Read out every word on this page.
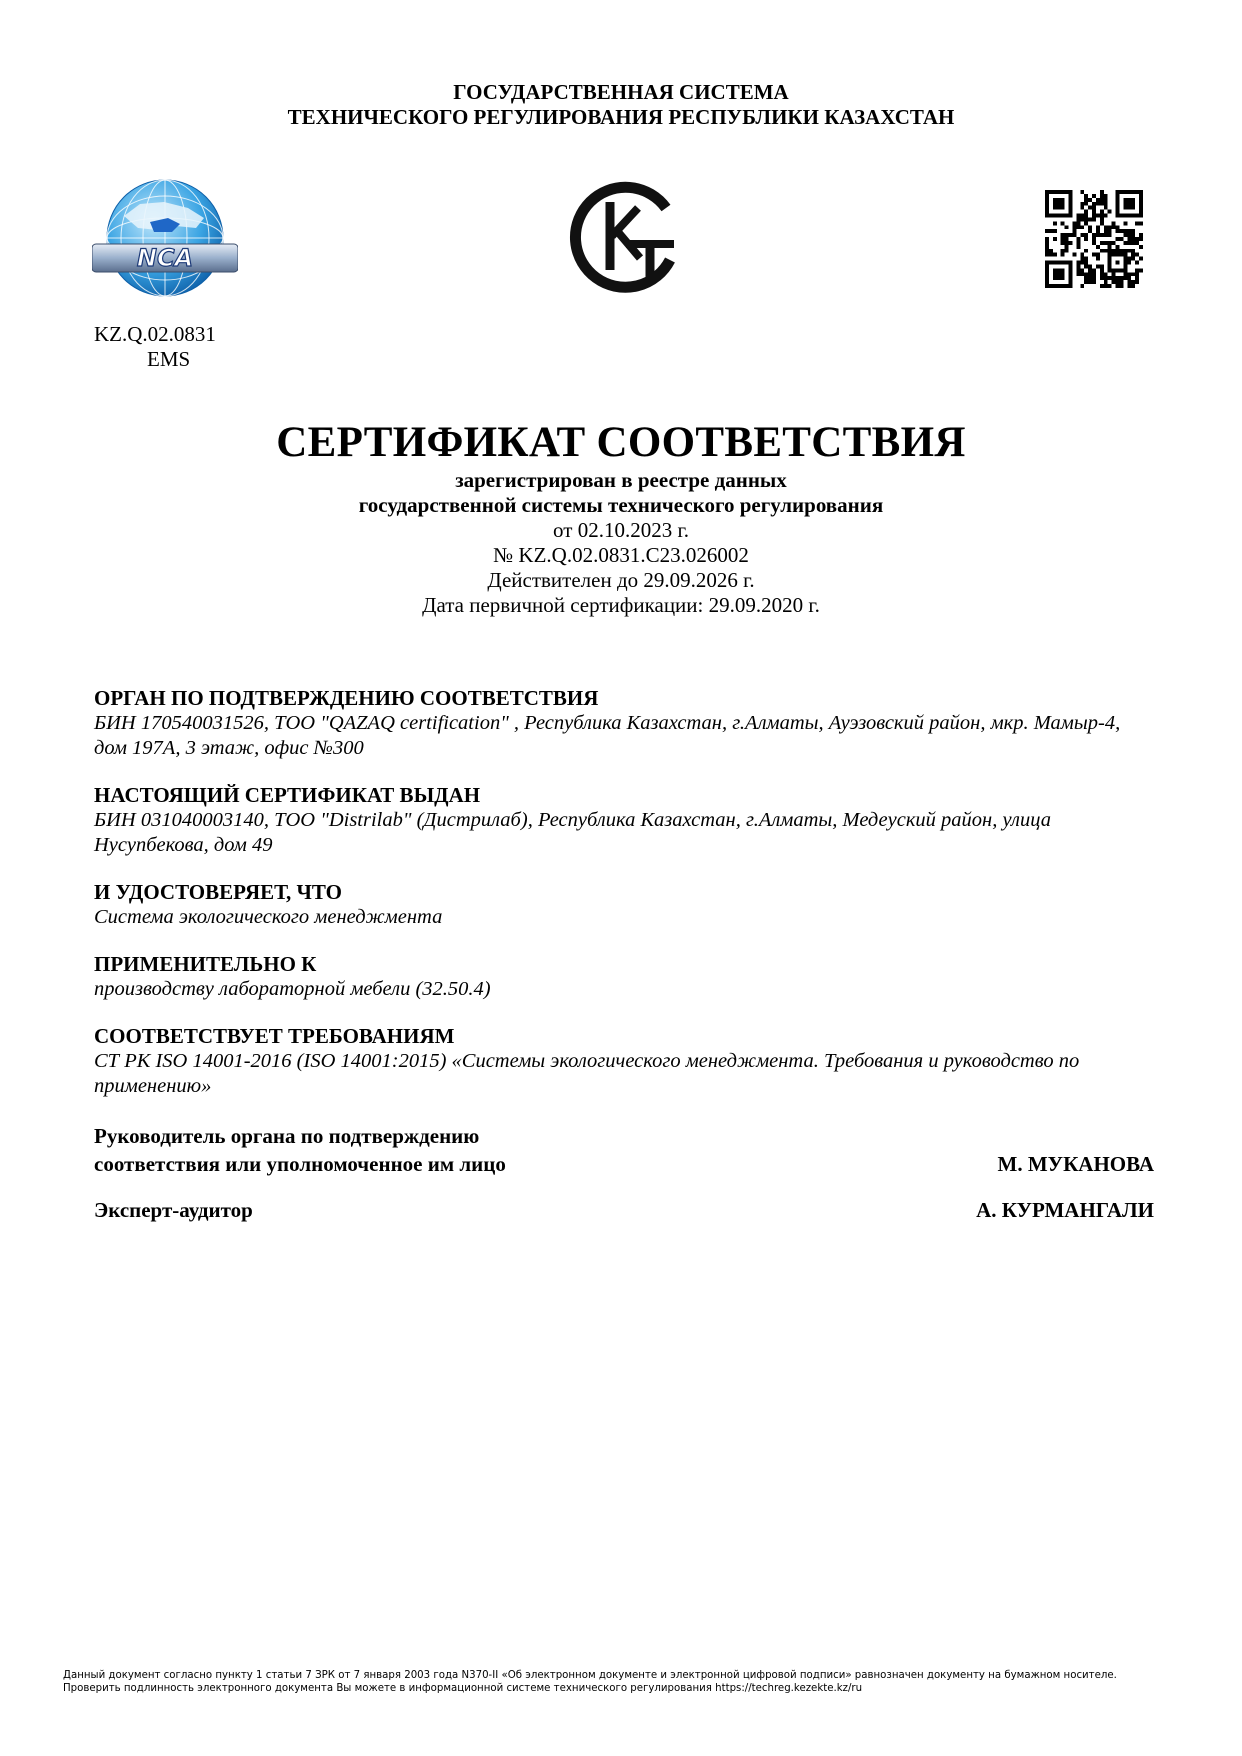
ГОСУДАРСТВЕННАЯ СИСТЕМА
ТЕХНИЧЕСКОГО РЕГУЛИРОВАНИЯ РЕСПУБЛИКИ КАЗАХСТАН
NCA
KZ.Q.02.0831
EMS
СЕРТИФИКАТ СООТВЕТСТВИЯ
зарегистрирован в реестре данных
государственной системы технического регулирования
от 02.10.2023 г.
№ KZ.Q.02.0831.C23.026002
Действителен до 29.09.2026 г.
Дата первичной сертификации: 29.09.2020 г.
ОРГАН ПО ПОДТВЕРЖДЕНИЮ СООТВЕТСТВИЯ
БИН 170540031526, ТОО "QAZAQ certification" , Республика Казахстан, г.Алматы, Ауэзовский район, мкр. Мамыр-4, дом 197А, 3 этаж, офис №300
НАСТОЯЩИЙ СЕРТИФИКАТ ВЫДАН
БИН 031040003140, ТОО "Distrilab" (Дистрилаб), Республика Казахстан, г.Алматы, Медеуский район, улица Нусупбекова, дом 49
И УДОСТОВЕРЯЕТ, ЧТО
Система экологического менеджмента
ПРИМЕНИТЕЛЬНО К
производству лабораторной мебели (32.50.4)
СООТВЕТСТВУЕТ ТРЕБОВАНИЯМ
СТ РК ISO 14001-2016 (ISO 14001:2015) «Системы экологического менеджмента. Требования и руководство по применению»
Руководитель органа по подтверждению
соответствия или уполномоченное им лицо	М. МУКАНОВА
Эксперт-аудитор	А. КУРМАНГАЛИ
Данный документ согласно пункту 1 статьи 7 ЗРК от 7 января 2003 года N370-II «Об электронном документе и электронной цифровой подписи» равнозначен документу на бумажном носителе.
Проверить подлинность электронного документа Вы можете в информационной системе технического регулирования https://techreg.kezekte.kz/ru
